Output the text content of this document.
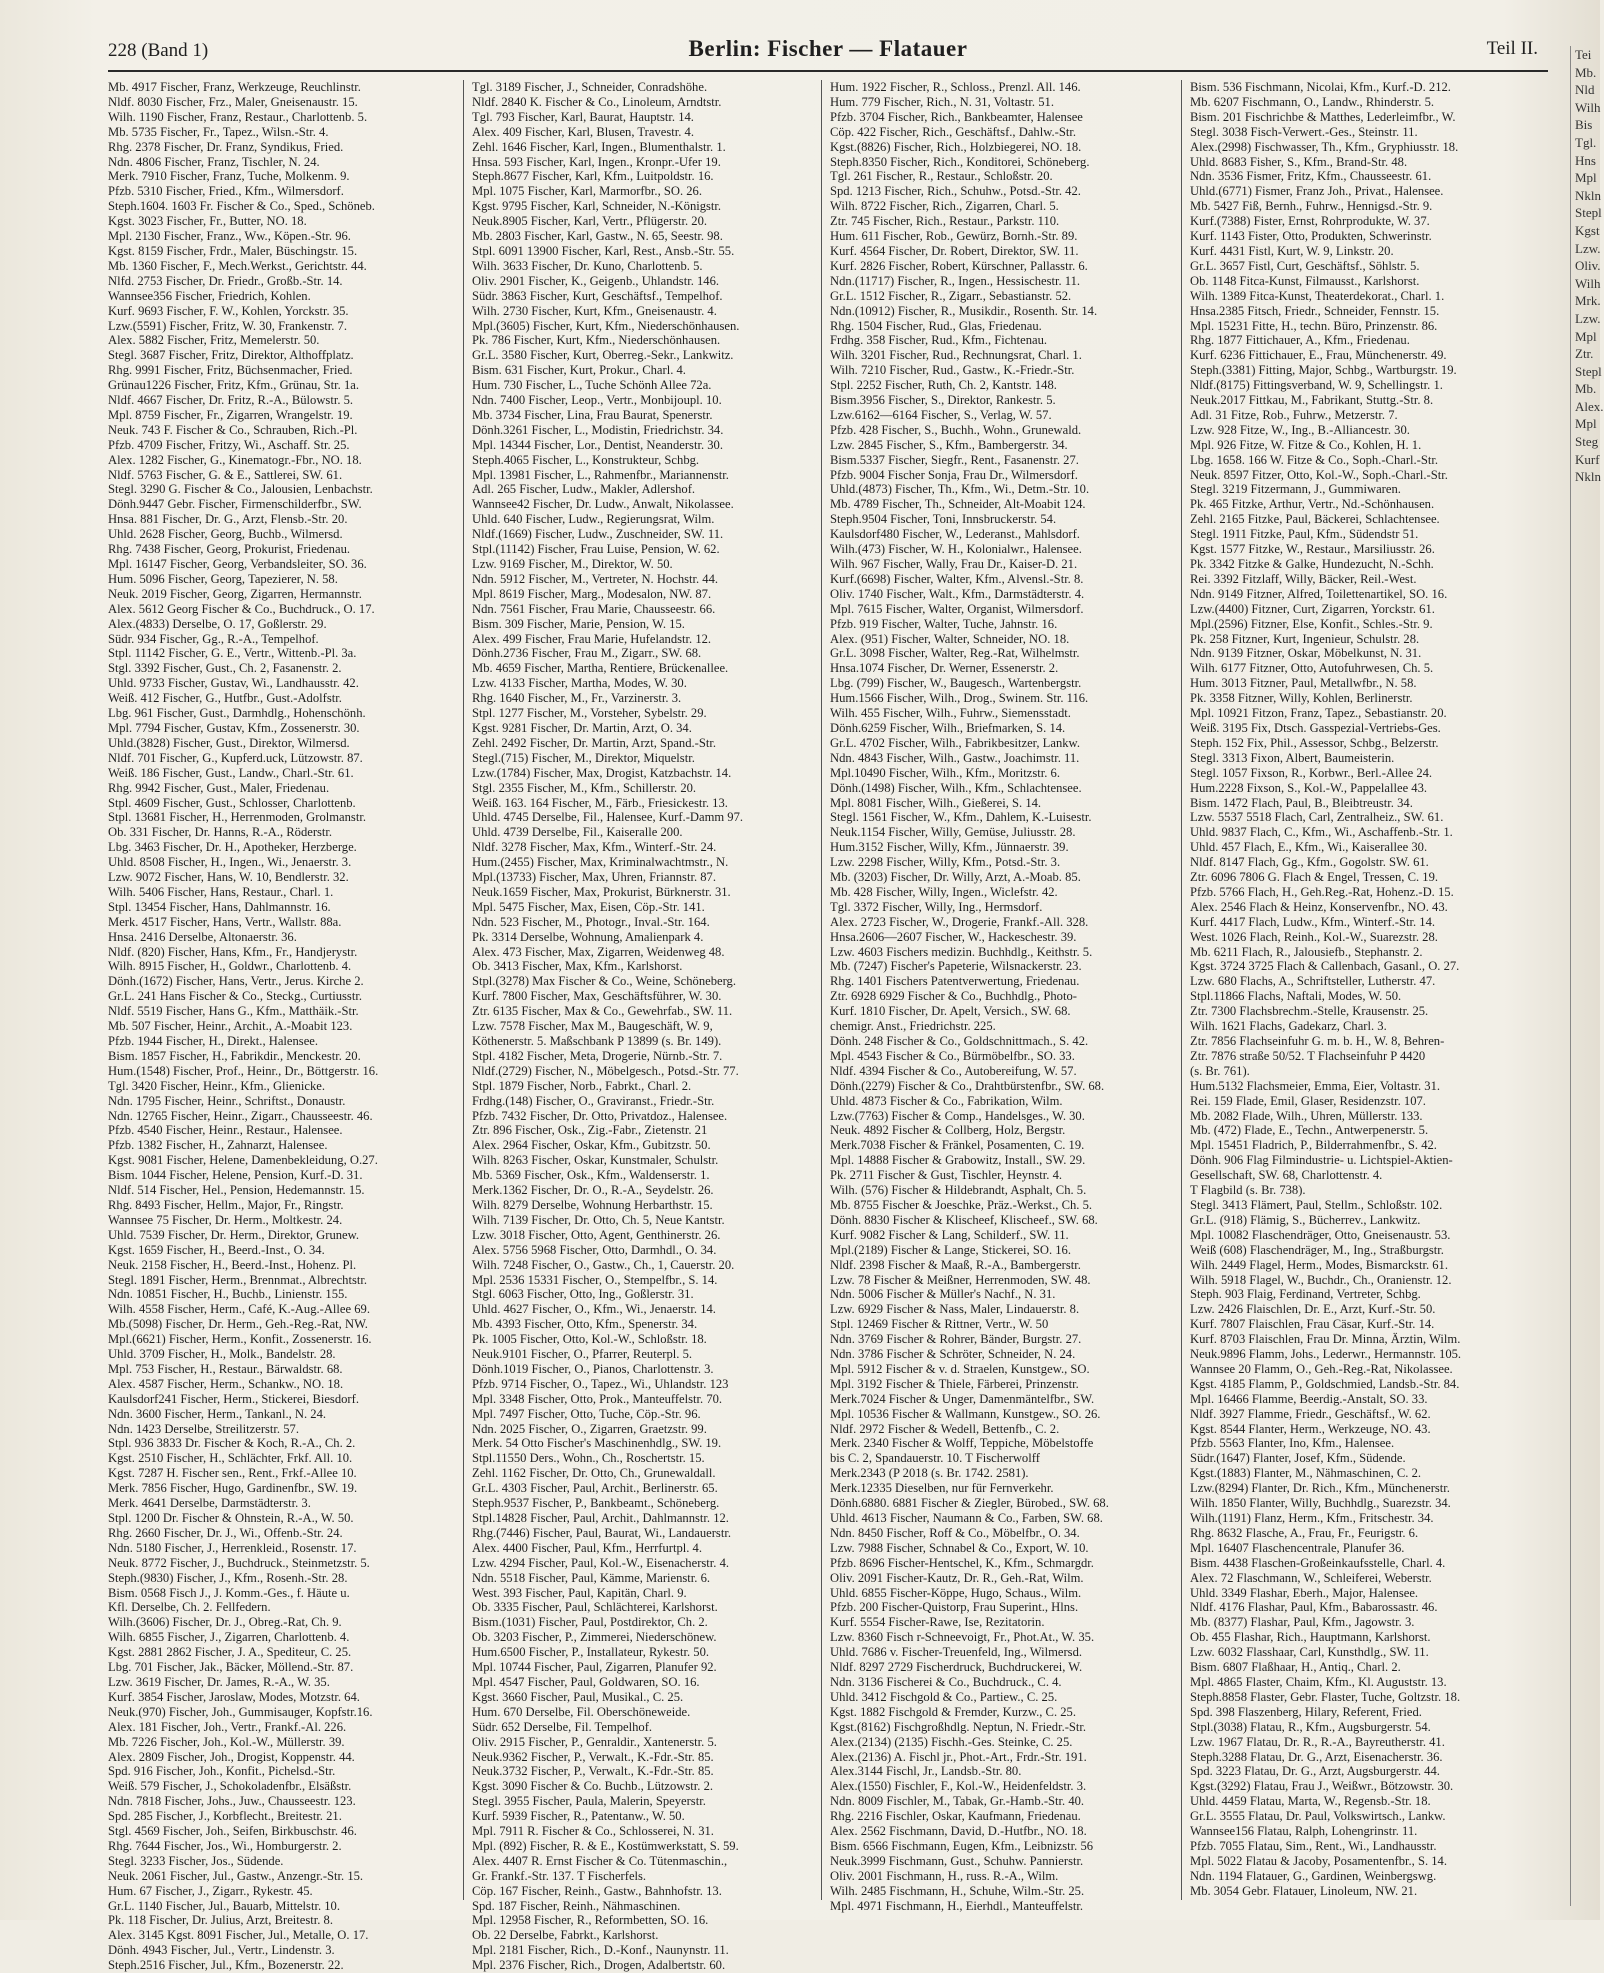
228 (Band 1)	Berlin: Fischer — Flatauer	Teil II.
Mb. 4917 Fischer, Franz, Werkzeuge, Reuchlinstr.
Nldf. 8030 Fischer, Frz., Maler, Gneisenaustr. 15.
Wilh. 1190 Fischer, Franz, Restaur., Charlottenb. 5.
Mb. 5735 Fischer, Fr., Tapez., Wilsn.-Str. 4.
Rhg. 2378 Fischer, Dr. Franz, Syndikus, Fried.
Ndn. 4806 Fischer, Franz, Tischler, N. 24.
Merk. 7910 Fischer, Franz, Tuche, Molkenm. 9.
Pfzb. 5310 Fischer, Fried., Kfm., Wilmersdorf.
Steph.1604. 1603 Fr. Fischer & Co., Sped., Schöneb.
Kgst. 3023 Fischer, Fr., Butter, NO. 18.
Mpl. 2130 Fischer, Franz., Ww., Köpen.-Str. 96.
Kgst. 8159 Fischer, Frdr., Maler, Büschingstr. 15.
Mb. 1360 Fischer, F., Mech.Werkst., Gerichtstr. 44.
Nlfd. 2753 Fischer, Dr. Friedr., Großb.-Str. 14.
Wannsee356 Fischer, Friedrich, Kohlen.
Kurf. 9693 Fischer, F. W., Kohlen, Yorckstr. 35.
Lzw.(5591) Fischer, Fritz, W. 30, Frankenstr. 7.
Alex. 5882 Fischer, Fritz, Memelerstr. 50.
Stegl. 3687 Fischer, Fritz, Direktor, Althoffplatz.
Rhg. 9991 Fischer, Fritz, Büchsenmacher, Fried.
Grünau1226 Fischer, Fritz, Kfm., Grünau, Str. 1a.
Nldf. 4667 Fischer, Dr. Fritz, R.-A., Bülowstr. 5.
Mpl. 8759 Fischer, Fr., Zigarren, Wrangelstr. 19.
Neuk. 743 F. Fischer & Co., Schrauben, Rich.-Pl.
Pfzb. 4709 Fischer, Fritzy, Wi., Aschaff. Str. 25.
Alex. 1282 Fischer, G., Kinematogr.-Fbr., NO. 18.
Nldf. 5763 Fischer, G. & E., Sattlerei, SW. 61.
Stegl. 3290 G. Fischer & Co., Jalousien, Lenbachstr.
Dönh.9447 Gebr. Fischer, Firmenschilderfbr., SW.
Hnsa. 881 Fischer, Dr. G., Arzt, Flensb.-Str. 20.
Uhld. 2628 Fischer, Georg, Buchb., Wilmersd.
Rhg. 7438 Fischer, Georg, Prokurist, Friedenau.
Mpl. 16147 Fischer, Georg, Verbandsleiter, SO. 36.
Hum. 5096 Fischer, Georg, Tapezierer, N. 58.
Neuk. 2019 Fischer, Georg, Zigarren, Hermannstr.
Alex. 5612 Georg Fischer & Co., Buchdruck., O. 17.
Alex.(4833) Derselbe, O. 17, Goßlerstr. 29.
Südr. 934 Fischer, Gg., R.-A., Tempelhof.
Stpl. 11142 Fischer, G. E., Vertr., Wittenb.-Pl. 3a.
Stgl. 3392 Fischer, Gust., Ch. 2, Fasanenstr. 2.
Uhld. 9733 Fischer, Gustav, Wi., Landhausstr. 42.
Weiß. 412 Fischer, G., Hutfbr., Gust.-Adolfstr.
Lbg. 961 Fischer, Gust., Darmhdlg., Hohenschönh.
Mpl. 7794 Fischer, Gustav, Kfm., Zossenerstr. 30.
Uhld.(3828) Fischer, Gust., Direktor, Wilmersd.
Nldf. 701 Fischer, G., Kupferd.uck, Lützowstr. 87.
Weiß. 186 Fischer, Gust., Landw., Charl.-Str. 61.
Rhg. 9942 Fischer, Gust., Maler, Friedenau.
Stpl. 4609 Fischer, Gust., Schlosser, Charlottenb.
Stpl. 13681 Fischer, H., Herrenmoden, Grolmanstr.
Ob. 331 Fischer, Dr. Hanns, R.-A., Röderstr.
Lbg. 3463 Fischer, Dr. H., Apotheker, Herzberge.
Uhld. 8508 Fischer, H., Ingen., Wi., Jenaerstr. 3.
Lzw. 9072 Fischer, Hans, W. 10, Bendlerstr. 32.
Wilh. 5406 Fischer, Hans, Restaur., Charl. 1.
Stpl. 13454 Fischer, Hans, Dahlmannstr. 16.
Merk. 4517 Fischer, Hans, Vertr., Wallstr. 88a.
Hnsa. 2416 Derselbe, Altonaerstr. 36.
Nldf. (820) Fischer, Hans, Kfm., Fr., Handjerystr.
Wilh. 8915 Fischer, H., Goldwr., Charlottenb. 4.
Dönh.(1672) Fischer, Hans, Vertr., Jerus. Kirche 2.
Gr.L. 241 Hans Fischer & Co., Steckg., Curtiusstr.
Nldf. 5519 Fischer, Hans G., Kfm., Matthäik.-Str.
Mb. 507 Fischer, Heinr., Archit., A.-Moabit 123.
Pfzb. 1944 Fischer, H., Direkt., Halensee.
Bism. 1857 Fischer, H., Fabrikdir., Menckestr. 20.
Hum.(1548) Fischer, Prof., Heinr., Dr., Böttgerstr. 16.
Tgl. 3420 Fischer, Heinr., Kfm., Glienicke.
Ndn. 1795 Fischer, Heinr., Schriftst., Donaustr.
Ndn. 12765 Fischer, Heinr., Zigarr., Chausseestr. 46.
Pfzb. 4540 Fischer, Heinr., Restaur., Halensee.
Pfzb. 1382 Fischer, H., Zahnarzt, Halensee.
Kgst. 9081 Fischer, Helene, Damenbekleidung, O.27.
Bism. 1044 Fischer, Helene, Pension, Kurf.-D. 31.
Nldf. 514 Fischer, Hel., Pension, Hedemannstr. 15.
Rhg. 8493 Fischer, Hellm., Major, Fr., Ringstr.
Wannsee 75 Fischer, Dr. Herm., Moltkestr. 24.
Uhld. 7539 Fischer, Dr. Herm., Direktor, Grunew.
Kgst. 1659 Fischer, H., Beerd.-Inst., O. 34.
Neuk. 2158 Fischer, H., Beerd.-Inst., Hohenz. Pl.
Stegl. 1891 Fischer, Herm., Brennmat., Albrechtstr.
Ndn. 10851 Fischer, H., Buchb., Linienstr. 155.
Wilh. 4558 Fischer, Herm., Café, K.-Aug.-Allee 69.
Mb.(5098) Fischer, Dr. Herm., Geh.-Reg.-Rat, NW.
Mpl.(6621) Fischer, Herm., Konfit., Zossenerstr. 16.
Uhld. 3709 Fischer, H., Molk., Bandelstr. 28.
Mpl. 753 Fischer, H., Restaur., Bärwaldstr. 68.
Alex. 4587 Fischer, Herm., Schankw., NO. 18.
Kaulsdorf241 Fischer, Herm., Stickerei, Biesdorf.
Ndn. 3600 Fischer, Herm., Tankanl., N. 24.
Ndn. 1423 Derselbe, Streilitzerstr. 57.
Stpl. 936 3833 Dr. Fischer & Koch, R.-A., Ch. 2.
Kgst. 2510 Fischer, H., Schlächter, Frkf. All. 10.
Kgst. 7287 H. Fischer sen., Rent., Frkf.-Allee 10.
Merk. 7856 Fischer, Hugo, Gardinenfbr., SW. 19.
Merk. 4641 Derselbe, Darmstädterstr. 3.
Stpl. 1200 Dr. Fischer & Ohnstein, R.-A., W. 50.
Rhg. 2660 Fischer, Dr. J., Wi., Offenb.-Str. 24.
Ndn. 5180 Fischer, J., Herrenkleid., Rosenstr. 17.
Neuk. 8772 Fischer, J., Buchdruck., Steinmetzstr. 5.
Steph.(9830) Fischer, J., Kfm., Rosenh.-Str. 28.
Bism. 0568 Fisch J., J. Komm.-Ges., f. Häute u.
Kfl. Derselbe, Ch. 2. Fellfedern.
Wilh.(3606) Fischer, Dr. J., Obreg.-Rat, Ch. 9.
Wilh. 6855 Fischer, J., Zigarren, Charlottenb. 4.
Kgst. 2881 2862 Fischer, J. A., Spediteur, C. 25.
Lbg. 701 Fischer, Jak., Bäcker, Möllend.-Str. 87.
Lzw. 3619 Fischer, Dr. James, R.-A., W. 35.
Kurf. 3854 Fischer, Jaroslaw, Modes, Motzstr. 64.
Neuk.(970) Fischer, Joh., Gummisauger, Kopfstr.16.
Alex. 181 Fischer, Joh., Vertr., Frankf.-Al. 226.
Mb. 7226 Fischer, Joh., Kol.-W., Müllerstr. 39.
Alex. 2809 Fischer, Joh., Drogist, Koppenstr. 44.
Spd. 916 Fischer, Joh., Konfit., Pichelsd.-Str.
Weiß. 579 Fischer, J., Schokoladenfbr., Elsäßstr.
Ndn. 7818 Fischer, Johs., Juw., Chausseestr. 123.
Spd. 285 Fischer, J., Korbflecht., Breitestr. 21.
Stgl. 4569 Fischer, Joh., Seifen, Birkbuschstr. 46.
Rhg. 7644 Fischer, Jos., Wi., Homburgerstr. 2.
Stegl. 3233 Fischer, Jos., Südende.
Neuk. 2061 Fischer, Jul., Gastw., Anzengr.-Str. 15.
Hum. 67 Fischer, J., Zigarr., Rykestr. 45.
Gr.L. 1140 Fischer, Jul., Bauarb, Mittelstr. 10.
Pk. 118 Fischer, Dr. Julius, Arzt, Breitestr. 8.
Alex. 3145 Kgst. 8091 Fischer, Jul., Metalle, O. 17.
Dönh. 4943 Fischer, Jul., Vertr., Lindenstr. 3.
Steph.2516 Fischer, Jul., Kfm., Bozenerstr. 22.
Tgl. 3189 Fischer, J., Schneider, Conradshöhe.
Nldf. 2840 K. Fischer & Co., Linoleum, Arndtstr.
Tgl. 793 Fischer, Karl, Baurat, Hauptstr. 14.
Alex. 409 Fischer, Karl, Blusen, Travestr. 4.
Zehl. 1646 Fischer, Karl, Ingen., Blumenthalstr. 1.
Hnsa. 593 Fischer, Karl, Ingen., Kronpr.-Ufer 19.
Steph.8677 Fischer, Karl, Kfm., Luitpoldstr. 16.
Mpl. 1075 Fischer, Karl, Marmorfbr., SO. 26.
Kgst. 9795 Fischer, Karl, Schneider, N.-Königstr.
Neuk.8905 Fischer, Karl, Vertr., Pflügerstr. 20.
Mb. 2803 Fischer, Karl, Gastw., N. 65, Seestr. 98.
Stpl. 6091 13900 Fischer, Karl, Rest., Ansb.-Str. 55.
Wilh. 3633 Fischer, Dr. Kuno, Charlottenb. 5.
Oliv. 2901 Fischer, K., Geigenb., Uhlandstr. 146.
Südr. 3863 Fischer, Kurt, Geschäftsf., Tempelhof.
Wilh. 2730 Fischer, Kurt, Kfm., Gneisenaustr. 4.
Mpl.(3605) Fischer, Kurt, Kfm., Niederschönhausen.
Pk. 786 Fischer, Kurt, Kfm., Niederschönhausen.
Gr.L. 3580 Fischer, Kurt, Oberreg.-Sekr., Lankwitz.
Bism. 631 Fischer, Kurt, Prokur., Charl. 4.
Hum. 730 Fischer, L., Tuche Schönh Allee 72a.
Ndn. 7400 Fischer, Leop., Vertr., Monbijoupl. 10.
Mb. 3734 Fischer, Lina, Frau Baurat, Spenerstr.
Dönh.3261 Fischer, L., Modistin, Friedrichstr. 34.
Mpl. 14344 Fischer, Lor., Dentist, Neanderstr. 30.
Steph.4065 Fischer, L., Konstrukteur, Schbg.
Mpl. 13981 Fischer, L., Rahmenfbr., Mariannenstr.
Adl. 265 Fischer, Ludw., Makler, Adlershof.
Wannsee42 Fischer, Dr. Ludw., Anwalt, Nikolassee.
Uhld. 640 Fischer, Ludw., Regierungsrat, Wilm.
Nldf.(1669) Fischer, Ludw., Zuschneider, SW. 11.
Stpl.(11142) Fischer, Frau Luise, Pension, W. 62.
Lzw. 9169 Fischer, M., Direktor, W. 50.
Ndn. 5912 Fischer, M., Vertreter, N. Hochstr. 44.
Mpl. 8619 Fischer, Marg., Modesalon, NW. 87.
Ndn. 7561 Fischer, Frau Marie, Chausseestr. 66.
Bism. 309 Fischer, Marie, Pension, W. 15.
Alex. 499 Fischer, Frau Marie, Hufelandstr. 12.
Dönh.2736 Fischer, Frau M., Zigarr., SW. 68.
Mb. 4659 Fischer, Martha, Rentiere, Brückenallee.
Lzw. 4133 Fischer, Martha, Modes, W. 30.
Rhg. 1640 Fischer, M., Fr., Varzinerstr. 3.
Stpl. 1277 Fischer, M., Vorsteher, Sybelstr. 29.
Kgst. 9281 Fischer, Dr. Martin, Arzt, O. 34.
Zehl. 2492 Fischer, Dr. Martin, Arzt, Spand.-Str.
Stegl.(715) Fischer, M., Direktor, Miquelstr.
Lzw.(1784) Fischer, Max, Drogist, Katzbachstr. 14.
Stgl. 2355 Fischer, M., Kfm., Schillerstr. 20.
Weiß. 163. 164 Fischer, M., Färb., Friesickestr. 13.
Uhld. 4745 Derselbe, Fil., Halensee, Kurf.-Damm 97.
Uhld. 4739 Derselbe, Fil., Kaiseralle 200.
Nldf. 3278 Fischer, Max, Kfm., Winterf.-Str. 24.
Hum.(2455) Fischer, Max, Kriminalwachtmstr., N.
Mpl.(13733) Fischer, Max, Uhren, Friannstr. 87.
Neuk.1659 Fischer, Max, Prokurist, Bürknerstr. 31.
Mpl. 5475 Fischer, Max, Eisen, Cöp.-Str. 141.
Ndn. 523 Fischer, M., Photogr., Inval.-Str. 164.
Pk. 3314 Derselbe, Wohnung, Amalienpark 4.
Alex. 473 Fischer, Max, Zigarren, Weidenweg 48.
Ob. 3413 Fischer, Max, Kfm., Karlshorst.
Stpl.(3278) Max Fischer & Co., Weine, Schöneberg.
Kurf. 7800 Fischer, Max, Geschäftsführer, W. 30.
Ztr. 6135 Fischer, Max & Co., Gewehrfab., SW. 11.
Lzw. 7578 Fischer, Max M., Baugeschäft, W. 9,
Köthenerstr. 5. Maßschbank P 13899 (s. Br. 149).
Stpl. 4182 Fischer, Meta, Drogerie, Nürnb.-Str. 7.
Nldf.(2729) Fischer, N., Möbelgesch., Potsd.-Str. 77.
Stpl. 1879 Fischer, Norb., Fabrkt., Charl. 2.
Frdhg.(148) Fischer, O., Graviranst., Friedr.-Str.
Pfzb. 7432 Fischer, Dr. Otto, Privatdoz., Halensee.
Ztr. 896 Fischer, Osk., Zig.-Fabr., Zietenstr. 21
Alex. 2964 Fischer, Oskar, Kfm., Gubitzstr. 50.
Wilh. 8263 Fischer, Oskar, Kunstmaler, Schulstr.
Mb. 5369 Fischer, Osk., Kfm., Waldenserstr. 1.
Merk.1362 Fischer, Dr. O., R.-A., Seydelstr. 26.
Wilh. 8279 Derselbe, Wohnung Herbarthstr. 15.
Wilh. 7139 Fischer, Dr. Otto, Ch. 5, Neue Kantstr.
Lzw. 3018 Fischer, Otto, Agent, Genthinerstr. 26.
Alex. 5756 5968 Fischer, Otto, Darmhdl., O. 34.
Wilh. 7248 Fischer, O., Gastw., Ch., 1, Cauerstr. 20.
Mpl. 2536 15331 Fischer, O., Stempelfbr., S. 14.
Stgl. 6063 Fischer, Otto, Ing., Goßlerstr. 31.
Uhld. 4627 Fischer, O., Kfm., Wi., Jenaerstr. 14.
Mb. 4393 Fischer, Otto, Kfm., Spenerstr. 34.
Pk. 1005 Fischer, Otto, Kol.-W., Schloßstr. 18.
Neuk.9101 Fischer, O., Pfarrer, Reuterpl. 5.
Dönh.1019 Fischer, O., Pianos, Charlottenstr. 3.
Pfzb. 9714 Fischer, O., Tapez., Wi., Uhlandstr. 123
Mpl. 3348 Fischer, Otto, Prok., Manteuffelstr. 70.
Mpl. 7497 Fischer, Otto, Tuche, Cöp.-Str. 96.
Ndn. 2025 Fischer, O., Zigarren, Graetzstr. 99.
Merk. 54 Otto Fischer's Maschinenhdlg., SW. 19.
Stpl.11550 Ders., Wohn., Ch., Roschertstr. 15.
Zehl. 1162 Fischer, Dr. Otto, Ch., Grunewaldall.
Gr.L. 4303 Fischer, Paul, Archit., Berlinerstr. 65.
Steph.9537 Fischer, P., Bankbeamt., Schöneberg.
Stpl.14828 Fischer, Paul, Archit., Dahlmannstr. 12.
Rhg.(7446) Fischer, Paul, Baurat, Wi., Landauerstr.
Alex. 4400 Fischer, Paul, Kfm., Herrfurtpl. 4.
Lzw. 4294 Fischer, Paul, Kol.-W., Eisenacherstr. 4.
Ndn. 5518 Fischer, Paul, Kämme, Marienstr. 6.
West. 393 Fischer, Paul, Kapitän, Charl. 9.
Ob. 3335 Fischer, Paul, Schlächterei, Karlshorst.
Bism.(1031) Fischer, Paul, Postdirektor, Ch. 2.
Ob. 3203 Fischer, P., Zimmerei, Niederschönew.
Hum.6500 Fischer, P., Installateur, Rykestr. 50.
Mpl. 10744 Fischer, Paul, Zigarren, Planufer 92.
Mpl. 4547 Fischer, Paul, Goldwaren, SO. 16.
Kgst. 3660 Fischer, Paul, Musikal., C. 25.
Hum. 670 Derselbe, Fil. Oberschöneweide.
Südr. 652 Derselbe, Fil. Tempelhof.
Oliv. 2915 Fischer, P., Genraldir., Xantenerstr. 5.
Neuk.9362 Fischer, P., Verwalt., K.-Fdr.-Str. 85.
Neuk.3732 Fischer, P., Verwalt., K.-Fdr.-Str. 85.
Kgst. 3090 Fischer & Co. Buchb., Lützowstr. 2.
Stegl. 3955 Fischer, Paula, Malerin, Speyerstr.
Kurf. 5939 Fischer, R., Patentanw., W. 50.
Mpl. 7911 R. Fischer & Co., Schlosserei, N. 31.
Mpl. (892) Fischer, R. & E., Kostümwerkstatt, S. 59.
Alex. 4407 R. Ernst Fischer & Co. Tütenmaschin.,
Gr. Frankf.-Str. 137. T Fischerfels.
Cöp. 167 Fischer, Reinh., Gastw., Bahnhofstr. 13.
Spd. 187 Fischer, Reinh., Nähmaschinen.
Mpl. 12958 Fischer, R., Reformbetten, SO. 16.
Ob. 22 Derselbe, Fabrkt., Karlshorst.
Mpl. 2181 Fischer, Rich., D.-Konf., Naunynstr. 11.
Mpl. 2376 Fischer, Rich., Drogen, Adalbertstr. 60.
Hum. 1922 Fischer, R., Schloss., Prenzl. All. 146.
Hum. 779 Fischer, Rich., N. 31, Voltastr. 51.
Pfzb. 3704 Fischer, Rich., Bankbeamter, Halensee
Cöp. 422 Fischer, Rich., Geschäftsf., Dahlw.-Str.
Kgst.(8826) Fischer, Rich., Holzbiegerei, NO. 18.
Steph.8350 Fischer, Rich., Konditorei, Schöneberg.
Tgl. 261 Fischer, R., Restaur., Schloßstr. 20.
Spd. 1213 Fischer, Rich., Schuhw., Potsd.-Str. 42.
Wilh. 8722 Fischer, Rich., Zigarren, Charl. 5.
Ztr. 745 Fischer, Rich., Restaur., Parkstr. 110.
Hum. 611 Fischer, Rob., Gewürz, Bornh.-Str. 89.
Kurf. 4564 Fischer, Dr. Robert, Direktor, SW. 11.
Kurf. 2826 Fischer, Robert, Kürschner, Pallasstr. 6.
Ndn.(11717) Fischer, R., Ingen., Hessischestr. 11.
Gr.L. 1512 Fischer, R., Zigarr., Sebastianstr. 52.
Ndn.(10912) Fischer, R., Musikdir., Rosenth. Str. 14.
Rhg. 1504 Fischer, Rud., Glas, Friedenau.
Frdhg. 358 Fischer, Rud., Kfm., Fichtenau.
Wilh. 3201 Fischer, Rud., Rechnungsrat, Charl. 1.
Wilh. 7210 Fischer, Rud., Gastw., K.-Friedr.-Str.
Stpl. 2252 Fischer, Ruth, Ch. 2, Kantstr. 148.
Bism.3956 Fischer, S., Direktor, Rankestr. 5.
Lzw.6162—6164 Fischer, S., Verlag, W. 57.
Pfzb. 428 Fischer, S., Buchh., Wohn., Grunewald.
Lzw. 2845 Fischer, S., Kfm., Bambergerstr. 34.
Bism.5337 Fischer, Siegfr., Rent., Fasanenstr. 27.
Pfzb. 9004 Fischer Sonja, Frau Dr., Wilmersdorf.
Uhld.(4873) Fischer, Th., Kfm., Wi., Detm.-Str. 10.
Mb. 4789 Fischer, Th., Schneider, Alt-Moabit 124.
Steph.9504 Fischer, Toni, Innsbruckerstr. 54.
Kaulsdorf480 Fischer, W., Lederanst., Mahlsdorf.
Wilh.(473) Fischer, W. H., Kolonialwr., Halensee.
Wilh. 967 Fischer, Wally, Frau Dr., Kaiser-D. 21.
Kurf.(6698) Fischer, Walter, Kfm., Alvensl.-Str. 8.
Oliv. 1740 Fischer, Walt., Kfm., Darmstädterstr. 4.
Mpl. 7615 Fischer, Walter, Organist, Wilmersdorf.
Pfzb. 919 Fischer, Walter, Tuche, Jahnstr. 16.
Alex. (951) Fischer, Walter, Schneider, NO. 18.
Gr.L. 3098 Fischer, Walter, Reg.-Rat, Wilhelmstr.
Hnsa.1074 Fischer, Dr. Werner, Essenerstr. 2.
Lbg. (799) Fischer, W., Baugesch., Wartenbergstr.
Hum.1566 Fischer, Wilh., Drog., Swinem. Str. 116.
Wilh. 455 Fischer, Wilh., Fuhrw., Siemensstadt.
Dönh.6259 Fischer, Wilh., Briefmarken, S. 14.
Gr.L. 4702 Fischer, Wilh., Fabrikbesitzer, Lankw.
Ndn. 4843 Fischer, Wilh., Gastw., Joachimstr. 11.
Mpl.10490 Fischer, Wilh., Kfm., Moritzstr. 6.
Dönh.(1498) Fischer, Wilh., Kfm., Schlachtensee.
Mpl. 8081 Fischer, Wilh., Gießerei, S. 14.
Stegl. 1561 Fischer, W., Kfm., Dahlem, K.-Luisestr.
Neuk.1154 Fischer, Willy, Gemüse, Juliusstr. 28.
Hum.3152 Fischer, Willy, Kfm., Jünnaerstr. 39.
Lzw. 2298 Fischer, Willy, Kfm., Potsd.-Str. 3.
Mb. (3203) Fischer, Dr. Willy, Arzt, A.-Moab. 85.
Mb. 428 Fischer, Willy, Ingen., Wiclefstr. 42.
Tgl. 3372 Fischer, Willy, Ing., Hermsdorf.
Alex. 2723 Fischer, W., Drogerie, Frankf.-All. 328.
Hnsa.2606—2607 Fischer, W., Hackeschestr. 39.
Lzw. 4603 Fischers medizin. Buchhdlg., Keithstr. 5.
Mb. (7247) Fischer's Papeterie, Wilsnackerstr. 23.
Rhg. 1401 Fischers Patentverwertung, Friedenau.
Ztr. 6928 6929 Fischer & Co., Buchhdlg., Photo-
Kurf. 1810 Fischer, Dr. Apelt, Versich., SW. 68.
chemigr. Anst., Friedrichstr. 225.
Dönh. 248 Fischer & Co., Goldschnittmach., S. 42.
Mpl. 4543 Fischer & Co., Bürmöbelfbr., SO. 33.
Nldf. 4394 Fischer & Co., Autobereifung, W. 57.
Dönh.(2279) Fischer & Co., Drahtbürstenfbr., SW. 68.
Uhld. 4873 Fischer & Co., Fabrikation, Wilm.
Lzw.(7763) Fischer & Comp., Handelsges., W. 30.
Neuk. 4892 Fischer & Collberg, Holz, Bergstr.
Merk.7038 Fischer & Fränkel, Posamenten, C. 19.
Mpl. 14888 Fischer & Grabowitz, Install., SW. 29.
Pk. 2711 Fischer & Gust, Tischler, Heynstr. 4.
Wilh. (576) Fischer & Hildebrandt, Asphalt, Ch. 5.
Mb. 8755 Fischer & Joeschke, Präz.-Werkst., Ch. 5.
Dönh. 8830 Fischer & Klischeef, Klischeef., SW. 68.
Kurf. 9082 Fischer & Lang, Schilderf., SW. 11.
Mpl.(2189) Fischer & Lange, Stickerei, SO. 16.
Nldf. 2398 Fischer & Maaß, R.-A., Bambergerstr.
Lzw. 78 Fischer & Meißner, Herrenmoden, SW. 48.
Ndn. 5006 Fischer & Müller's Nachf., N. 31.
Lzw. 6929 Fischer & Nass, Maler, Lindauerstr. 8.
Stpl. 12469 Fischer & Rittner, Vertr., W. 50
Ndn. 3769 Fischer & Rohrer, Bänder, Burgstr. 27.
Ndn. 3786 Fischer & Schröter, Schneider, N. 24.
Mpl. 5912 Fischer & v. d. Straelen, Kunstgew., SO.
Mpl. 3192 Fischer & Thiele, Färberei, Prinzenstr.
Merk.7024 Fischer & Unger, Damenmäntelfbr., SW.
Mpl. 10536 Fischer & Wallmann, Kunstgew., SO. 26.
Nldf. 2972 Fischer & Wedell, Bettenfb., C. 2.
Merk. 2340 Fischer & Wolff, Teppiche, Möbelstoffe
bis C. 2, Spandauerstr. 10. T Fischerwolff
Merk.2343 (P 2018 (s. Br. 1742. 2581).
Merk.12335 Dieselben, nur für Fernverkehr.
Dönh.6880. 6881 Fischer & Ziegler, Bürobed., SW. 68.
Uhld. 4613 Fischer, Naumann & Co., Farben, SW. 68.
Ndn. 8450 Fischer, Roff & Co., Möbelfbr., O. 34.
Lzw. 7988 Fischer, Schnabel & Co., Export, W. 10.
Pfzb. 8696 Fischer-Hentschel, K., Kfm., Schmargdr.
Oliv. 2091 Fischer-Kautz, Dr. R., Geh.-Rat, Wilm.
Uhld. 6855 Fischer-Köppe, Hugo, Schaus., Wilm.
Pfzb. 200 Fischer-Quistorp, Frau Superint., Hlns.
Kurf. 5554 Fischer-Rawe, Ise, Rezitatorin.
Lzw. 8360 Fisch r-Schneevoigt, Fr., Phot.At., W. 35.
Uhld. 7686 v. Fischer-Treuenfeld, Ing., Wilmersd.
Nldf. 8297 2729 Fischerdruck, Buchdruckerei, W.
Ndn. 3136 Fischerei & Co., Buchdruck., C. 4.
Uhld. 3412 Fischgold & Co., Partiew., C. 25.
Kgst. 1882 Fischgold & Fremder, Kurzw., C. 25.
Kgst.(8162) Fischgroßhdlg. Neptun, N. Friedr.-Str.
Alex.(2134) (2135) Fischh.-Ges. Steinke, C. 25.
Alex.(2136) A. Fischl jr., Phot.-Art., Frdr.-Str. 191.
Alex.3144 Fischl, Jr., Landsb.-Str. 80.
Alex.(1550) Fischler, F., Kol.-W., Heidenfeldstr. 3.
Ndn. 8009 Fischler, M., Tabak, Gr.-Hamb.-Str. 40.
Rhg. 2216 Fischler, Oskar, Kaufmann, Friedenau.
Alex. 2562 Fischmann, David, D.-Hutfbr., NO. 18.
Bism. 6566 Fischmann, Eugen, Kfm., Leibnizstr. 56
Neuk.3999 Fischmann, Gust., Schuhw. Pannierstr.
Oliv. 2001 Fischmann, H., russ. R.-A., Wilm.
Wilh. 2485 Fischmann, H., Schuhe, Wilm.-Str. 25.
Mpl. 4971 Fischmann, H., Eierhdl., Manteuffelstr.
Bism. 536 Fischmann, Nicolai, Kfm., Kurf.-D. 212.
Mb. 6207 Fischmann, O., Landw., Rhinderstr. 5.
Bism. 201 Fischrichbe & Matthes, Lederleimfbr., W.
Stegl. 3038 Fisch-Verwert.-Ges., Steinstr. 11.
Alex.(2998) Fischwasser, Th., Kfm., Gryphiusstr. 18.
Uhld. 8683 Fisher, S., Kfm., Brand-Str. 48.
Ndn. 3536 Fismer, Fritz, Kfm., Chausseestr. 61.
Uhld.(6771) Fismer, Franz Joh., Privat., Halensee.
Mb. 5427 Fiß, Bernh., Fuhrw., Hennigsd.-Str. 9.
Kurf.(7388) Fister, Ernst, Rohrprodukte, W. 37.
Kurf. 1143 Fister, Otto, Produkten, Schwerinstr.
Kurf. 4431 Fistl, Kurt, W. 9, Linkstr. 20.
Gr.L. 3657 Fistl, Curt, Geschäftsf., Söhlstr. 5.
Ob. 1148 Fitca-Kunst, Filmausst., Karlshorst.
Wilh. 1389 Fitca-Kunst, Theaterdekorat., Charl. 1.
Hnsa.2385 Fitsch, Friedr., Schneider, Fennstr. 15.
Mpl. 15231 Fitte, H., techn. Büro, Prinzenstr. 86.
Rhg. 1877 Fittichauer, A., Kfm., Friedenau.
Kurf. 6236 Fittichauer, E., Frau, Münchenerstr. 49.
Steph.(3381) Fitting, Major, Schbg., Wartburgstr. 19.
Nldf.(8175) Fittingsverband, W. 9, Schellingstr. 1.
Neuk.2017 Fittkau, M., Fabrikant, Stuttg.-Str. 8.
Adl. 31 Fitze, Rob., Fuhrw., Metzerstr. 7.
Lzw. 928 Fitze, W., Ing., B.-Alliancestr. 30.
Mpl. 926 Fitze, W. Fitze & Co., Kohlen, H. 1.
Lbg. 1658. 166 W. Fitze & Co., Soph.-Charl.-Str.
Neuk. 8597 Fitzer, Otto, Kol.-W., Soph.-Charl.-Str.
Stegl. 3219 Fitzermann, J., Gummiwaren.
Pk. 465 Fitzke, Arthur, Vertr., Nd.-Schönhausen.
Zehl. 2165 Fitzke, Paul, Bäckerei, Schlachtensee.
Stegl. 1911 Fitzke, Paul, Kfm., Südendstr 51.
Kgst. 1577 Fitzke, W., Restaur., Marsiliusstr. 26.
Pk. 3342 Fitzke & Galke, Hundezucht, N.-Schh.
Rei. 3392 Fitzlaff, Willy, Bäcker, Reil.-West.
Ndn. 9149 Fitzner, Alfred, Toilettenartikel, SO. 16.
Lzw.(4400) Fitzner, Curt, Zigarren, Yorckstr. 61.
Mpl.(2596) Fitzner, Else, Konfit., Schles.-Str. 9.
Pk. 258 Fitzner, Kurt, Ingenieur, Schulstr. 28.
Ndn. 9139 Fitzner, Oskar, Möbelkunst, N. 31.
Wilh. 6177 Fitzner, Otto, Autofuhrwesen, Ch. 5.
Hum. 3013 Fitzner, Paul, Metallwfbr., N. 58.
Pk. 3358 Fitzner, Willy, Kohlen, Berlinerstr.
Mpl. 10921 Fitzon, Franz, Tapez., Sebastianstr. 20.
Weiß. 3195 Fix, Dtsch. Gasspezial-Vertriebs-Ges.
Steph. 152 Fix, Phil., Assessor, Schbg., Belzerstr.
Stegl. 3313 Fixon, Albert, Baumeisterin.
Stegl. 1057 Fixson, R., Korbwr., Berl.-Allee 24.
Hum.2228 Fixson, S., Kol.-W., Pappelallee 43.
Bism. 1472 Flach, Paul, B., Bleibtreustr. 34.
Lzw. 5537 5518 Flach, Carl, Zentralheiz., SW. 61.
Uhld. 9837 Flach, C., Kfm., Wi., Aschaffenb.-Str. 1.
Uhld. 457 Flach, E., Kfm., Wi., Kaiserallee 30.
Nldf. 8147 Flach, Gg., Kfm., Gogolstr. SW. 61.
Ztr. 6096 7806 G. Flach & Engel, Tressen, C. 19.
Pfzb. 5766 Flach, H., Geh.Reg.-Rat, Hohenz.-D. 15.
Alex. 2546 Flach & Heinz, Konservenfbr., NO. 43.
Kurf. 4417 Flach, Ludw., Kfm., Winterf.-Str. 14.
West. 1026 Flach, Reinh., Kol.-W., Suarezstr. 28.
Mb. 6211 Flach, R., Jalousiefb., Stephanstr. 2.
Kgst. 3724 3725 Flach & Callenbach, Gasanl., O. 27.
Lzw. 680 Flachs, A., Schriftsteller, Lutherstr. 47.
Stpl.11866 Flachs, Naftali, Modes, W. 50.
Ztr. 7300 Flachsbrechm.-Stelle, Krausenstr. 25.
Wilh. 1621 Flachs, Gadekarz, Charl. 3.
Ztr. 7856 Flachseinfuhr G. m. b. H., W. 8, Behren-
Ztr. 7876 straße 50/52. T Flachseinfuhr P 4420
(s. Br. 761).
Hum.5132 Flachsmeier, Emma, Eier, Voltastr. 31.
Rei. 159 Flade, Emil, Glaser, Residenzstr. 107.
Mb. 2082 Flade, Wilh., Uhren, Müllerstr. 133.
Mb. (472) Flade, E., Techn., Antwerpenerstr. 5.
Mpl. 15451 Fladrich, P., Bilderrahmenfbr., S. 42.
Dönh. 906 Flag Filmindustrie- u. Lichtspiel-Aktien-
Gesellschaft, SW. 68, Charlottenstr. 4.
T Flagbild (s. Br. 738).
Stegl. 3413 Flämert, Paul, Stellm., Schloßstr. 102.
Gr.L. (918) Flämig, S., Bücherrev., Lankwitz.
Mpl. 10082 Flaschendräger, Otto, Gneisenaustr. 53.
Weiß (608) Flaschendräger, M., Ing., Straßburgstr.
Wilh. 2449 Flagel, Herm., Modes, Bismarckstr. 61.
Wilh. 5918 Flagel, W., Buchdr., Ch., Oranienstr. 12.
Steph. 903 Flaig, Ferdinand, Vertreter, Schbg.
Lzw. 2426 Flaischlen, Dr. E., Arzt, Kurf.-Str. 50.
Kurf. 7807 Flaischlen, Frau Cäsar, Kurf.-Str. 14.
Kurf. 8703 Flaischlen, Frau Dr. Minna, Ärztin, Wilm.
Neuk.9896 Flamm, Johs., Lederwr., Hermannstr. 105.
Wannsee 20 Flamm, O., Geh.-Reg.-Rat, Nikolassee.
Kgst. 4185 Flamm, P., Goldschmied, Landsb.-Str. 84.
Mpl. 16466 Flamme, Beerdig.-Anstalt, SO. 33.
Nldf. 3927 Flamme, Friedr., Geschäftsf., W. 62.
Kgst. 8544 Flanter, Herm., Werkzeuge, NO. 43.
Pfzb. 5563 Flanter, Ino, Kfm., Halensee.
Südr.(1647) Flanter, Josef, Kfm., Südende.
Kgst.(1883) Flanter, M., Nähmaschinen, C. 2.
Lzw.(8294) Flanter, Dr. Rich., Kfm., Münchenerstr.
Wilh. 1850 Flanter, Willy, Buchhdlg., Suarezstr. 34.
Wilh.(1191) Flanz, Herm., Kfm., Fritschestr. 34.
Rhg. 8632 Flasche, A., Frau, Fr., Feurigstr. 6.
Mpl. 16407 Flaschencentrale, Planufer 36.
Bism. 4438 Flaschen-Großeinkaufsstelle, Charl. 4.
Alex. 72 Flaschmann, W., Schleiferei, Weberstr.
Uhld. 3349 Flashar, Eberh., Major, Halensee.
Nldf. 4176 Flashar, Paul, Kfm., Babarossastr. 46.
Mb. (8377) Flashar, Paul, Kfm., Jagowstr. 3.
Ob. 455 Flashar, Rich., Hauptmann, Karlshorst.
Lzw. 6032 Flasshaar, Carl, Kunsthdlg., SW. 11.
Bism. 6807 Flaßhaar, H., Antiq., Charl. 2.
Mpl. 4865 Flaster, Chaim, Kfm., Kl. Auguststr. 13.
Steph.8858 Flaster, Gebr. Flaster, Tuche, Goltzstr. 18.
Spd. 398 Flaszenberg, Hilary, Referent, Fried.
Stpl.(3038) Flatau, R., Kfm., Augsburgerstr. 54.
Lzw. 1967 Flatau, Dr. R., R.-A., Bayreutherstr. 41.
Steph.3288 Flatau, Dr. G., Arzt, Eisenacherstr. 36.
Spd. 3223 Flatau, Dr. G., Arzt, Augsburgerstr. 44.
Kgst.(3292) Flatau, Frau J., Weißwr., Bötzowstr. 30.
Uhld. 4459 Flatau, Marta, W., Regensb.-Str. 18.
Gr.L. 3555 Flatau, Dr. Paul, Volkswirtsch., Lankw.
Wannsee156 Flatau, Ralph, Lohengrinstr. 11.
Pfzb. 7055 Flatau, Sim., Rent., Wi., Landhausstr.
Mpl. 5022 Flatau & Jacoby, Posamentenfbr., S. 14.
Ndn. 1194 Flatauer, G., Gardinen, Weinbergswg.
Mb. 3054 Gebr. Flatauer, Linoleum, NW. 21.
Tei
Mb.
Nld
Wilh
Bis
Tgl.
Hns
Mpl
Nkln
Stepl
Kgst
Lzw.
Oliv.
Wilh
Mrk.
Lzw.
Mpl
Ztr.
Stepl
Mb.
Alex.
Mpl
Steg
Kurf
Nkln
